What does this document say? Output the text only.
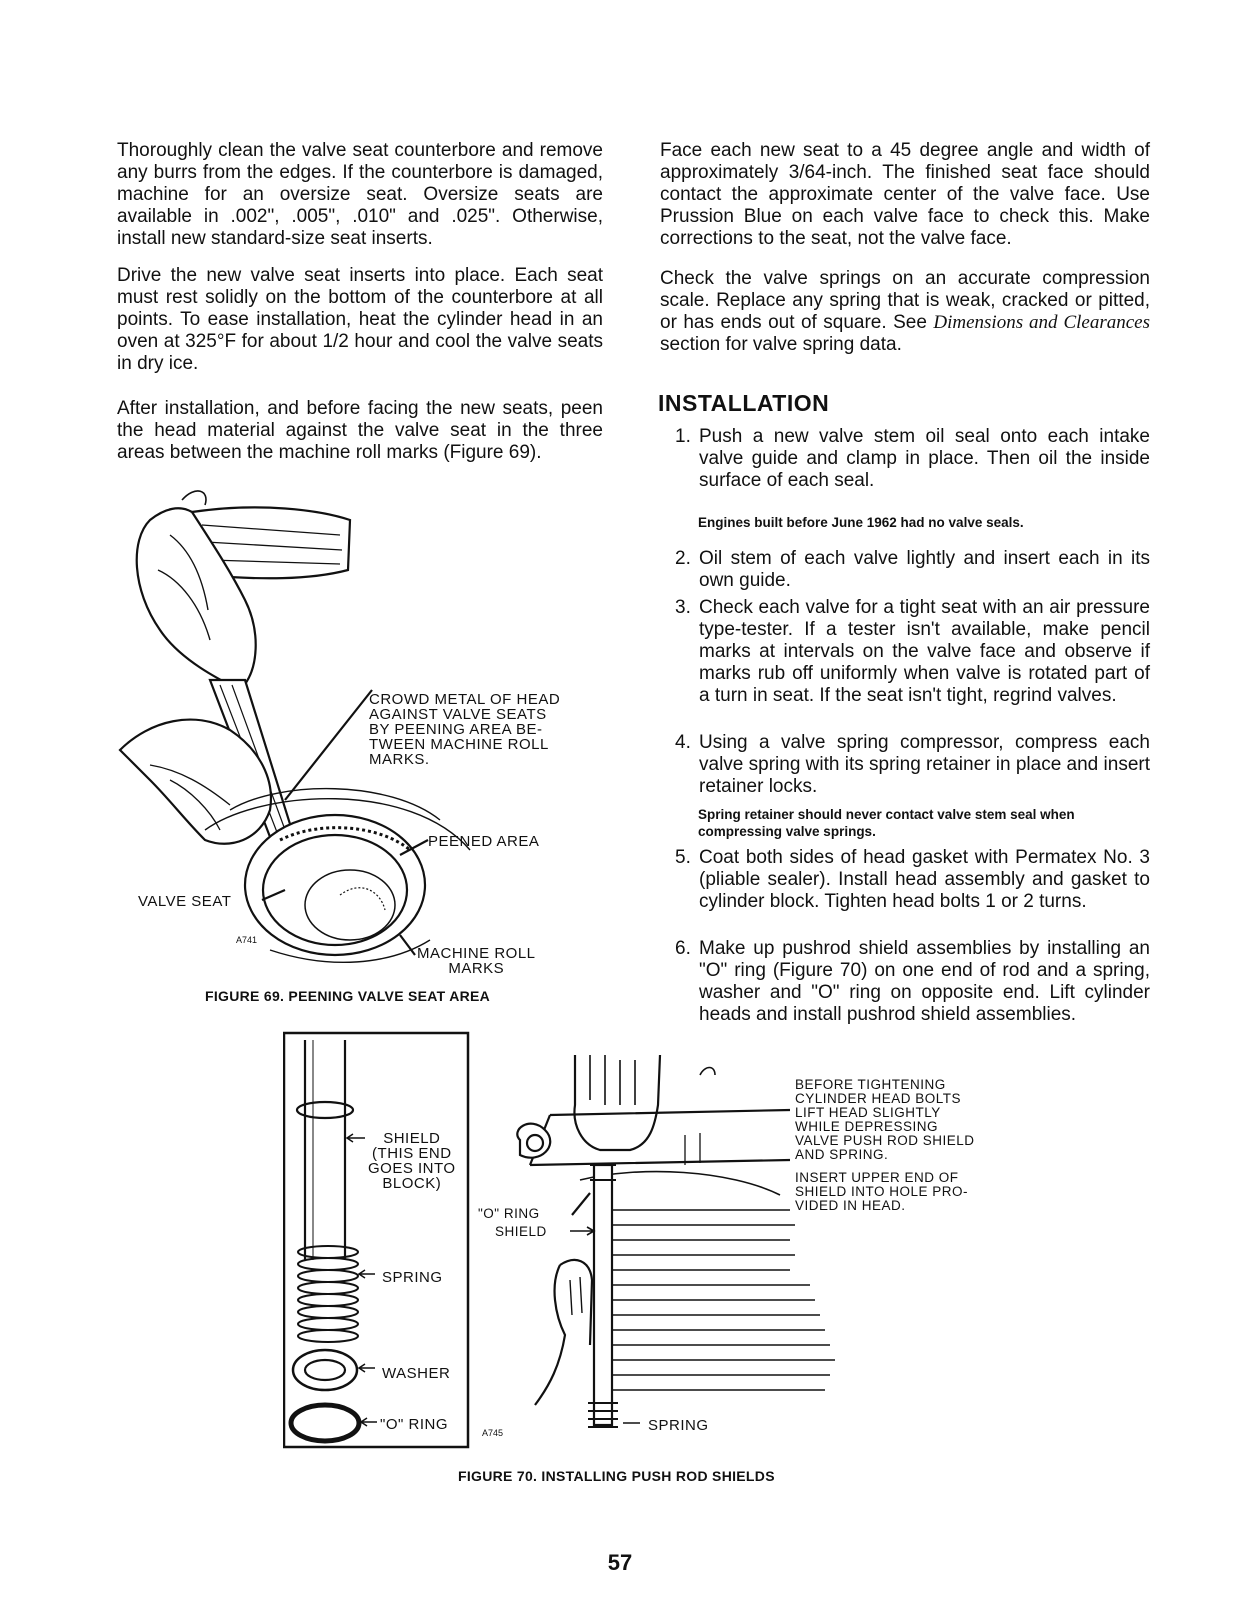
Thoroughly clean the valve seat counterbore and remove any burrs from the edges. If the counterbore is damaged, machine for an oversize seat. Oversize seats are available in .002", .005", .010" and .025". Otherwise, install new standard-size seat inserts.

Drive the new valve seat inserts into place. Each seat must rest solidly on the bottom of the counterbore at all points. To ease installation, heat the cylinder head in an oven at 325°F for about 1/2 hour and cool the valve seats in dry ice.

After installation, and before facing the new seats, peen the head material against the valve seat in the three areas between the machine roll marks (Figure 69).

Face each new seat to a 45 degree angle and width of approximately 3/64-inch. The finished seat face should contact the approximate center of the valve face. Use Prussion Blue on each valve face to check this. Make corrections to the seat, not the valve face.

Check the valve springs on an accurate compression scale. Replace any spring that is weak, cracked or pitted, or has ends out of square. See Dimensions and Clearances section for valve spring data.

INSTALLATION
1. Push a new valve stem oil seal onto each intake valve guide and clamp in place. Then oil the inside surface of each seal.

Engines built before June 1962 had no valve seals.

2. Oil stem of each valve lightly and insert each in its own guide.
3. Check each valve for a tight seat with an air pressure type-tester. If a tester isn't available, make pencil marks at intervals on the valve face and observe if marks rub off uniformly when valve is rotated part of a turn in seat. If the seat isn't tight, regrind valves.
4. Using a valve spring compressor, compress each valve spring with its spring retainer in place and insert retainer locks.

Spring retainer should never contact valve stem seal when compressing valve springs.

5. Coat both sides of head gasket with Permatex No. 3 (pliable sealer). Install head assembly and gasket to cylinder block. Tighten head bolts 1 or 2 turns.
6. Make up pushrod shield assemblies by installing an "O" ring (Figure 70) on one end of rod and a spring, washer and "O" ring on opposite end. Lift cylinder heads and install pushrod shield assemblies.

CROWD METAL OF HEAD
AGAINST VALVE SEATS
BY PEENING AREA BE-
TWEEN MACHINE ROLL
MARKS.

PEENED AREA

VALVE SEAT

MACHINE ROLL
MARKS

A741

FIGURE 69. PEENING VALVE SEAT AREA

SHIELD
(THIS END
GOES INTO
BLOCK)

SPRING

WASHER

"O" RING

"O" RING

SHIELD

SPRING

A745

BEFORE TIGHTENING
CYLINDER HEAD BOLTS
LIFT HEAD SLIGHTLY
WHILE DEPRESSING
VALVE PUSH ROD SHIELD
AND SPRING.

INSERT UPPER END OF
SHIELD INTO HOLE PRO-
VIDED IN HEAD.

FIGURE 70. INSTALLING PUSH ROD SHIELDS

57
